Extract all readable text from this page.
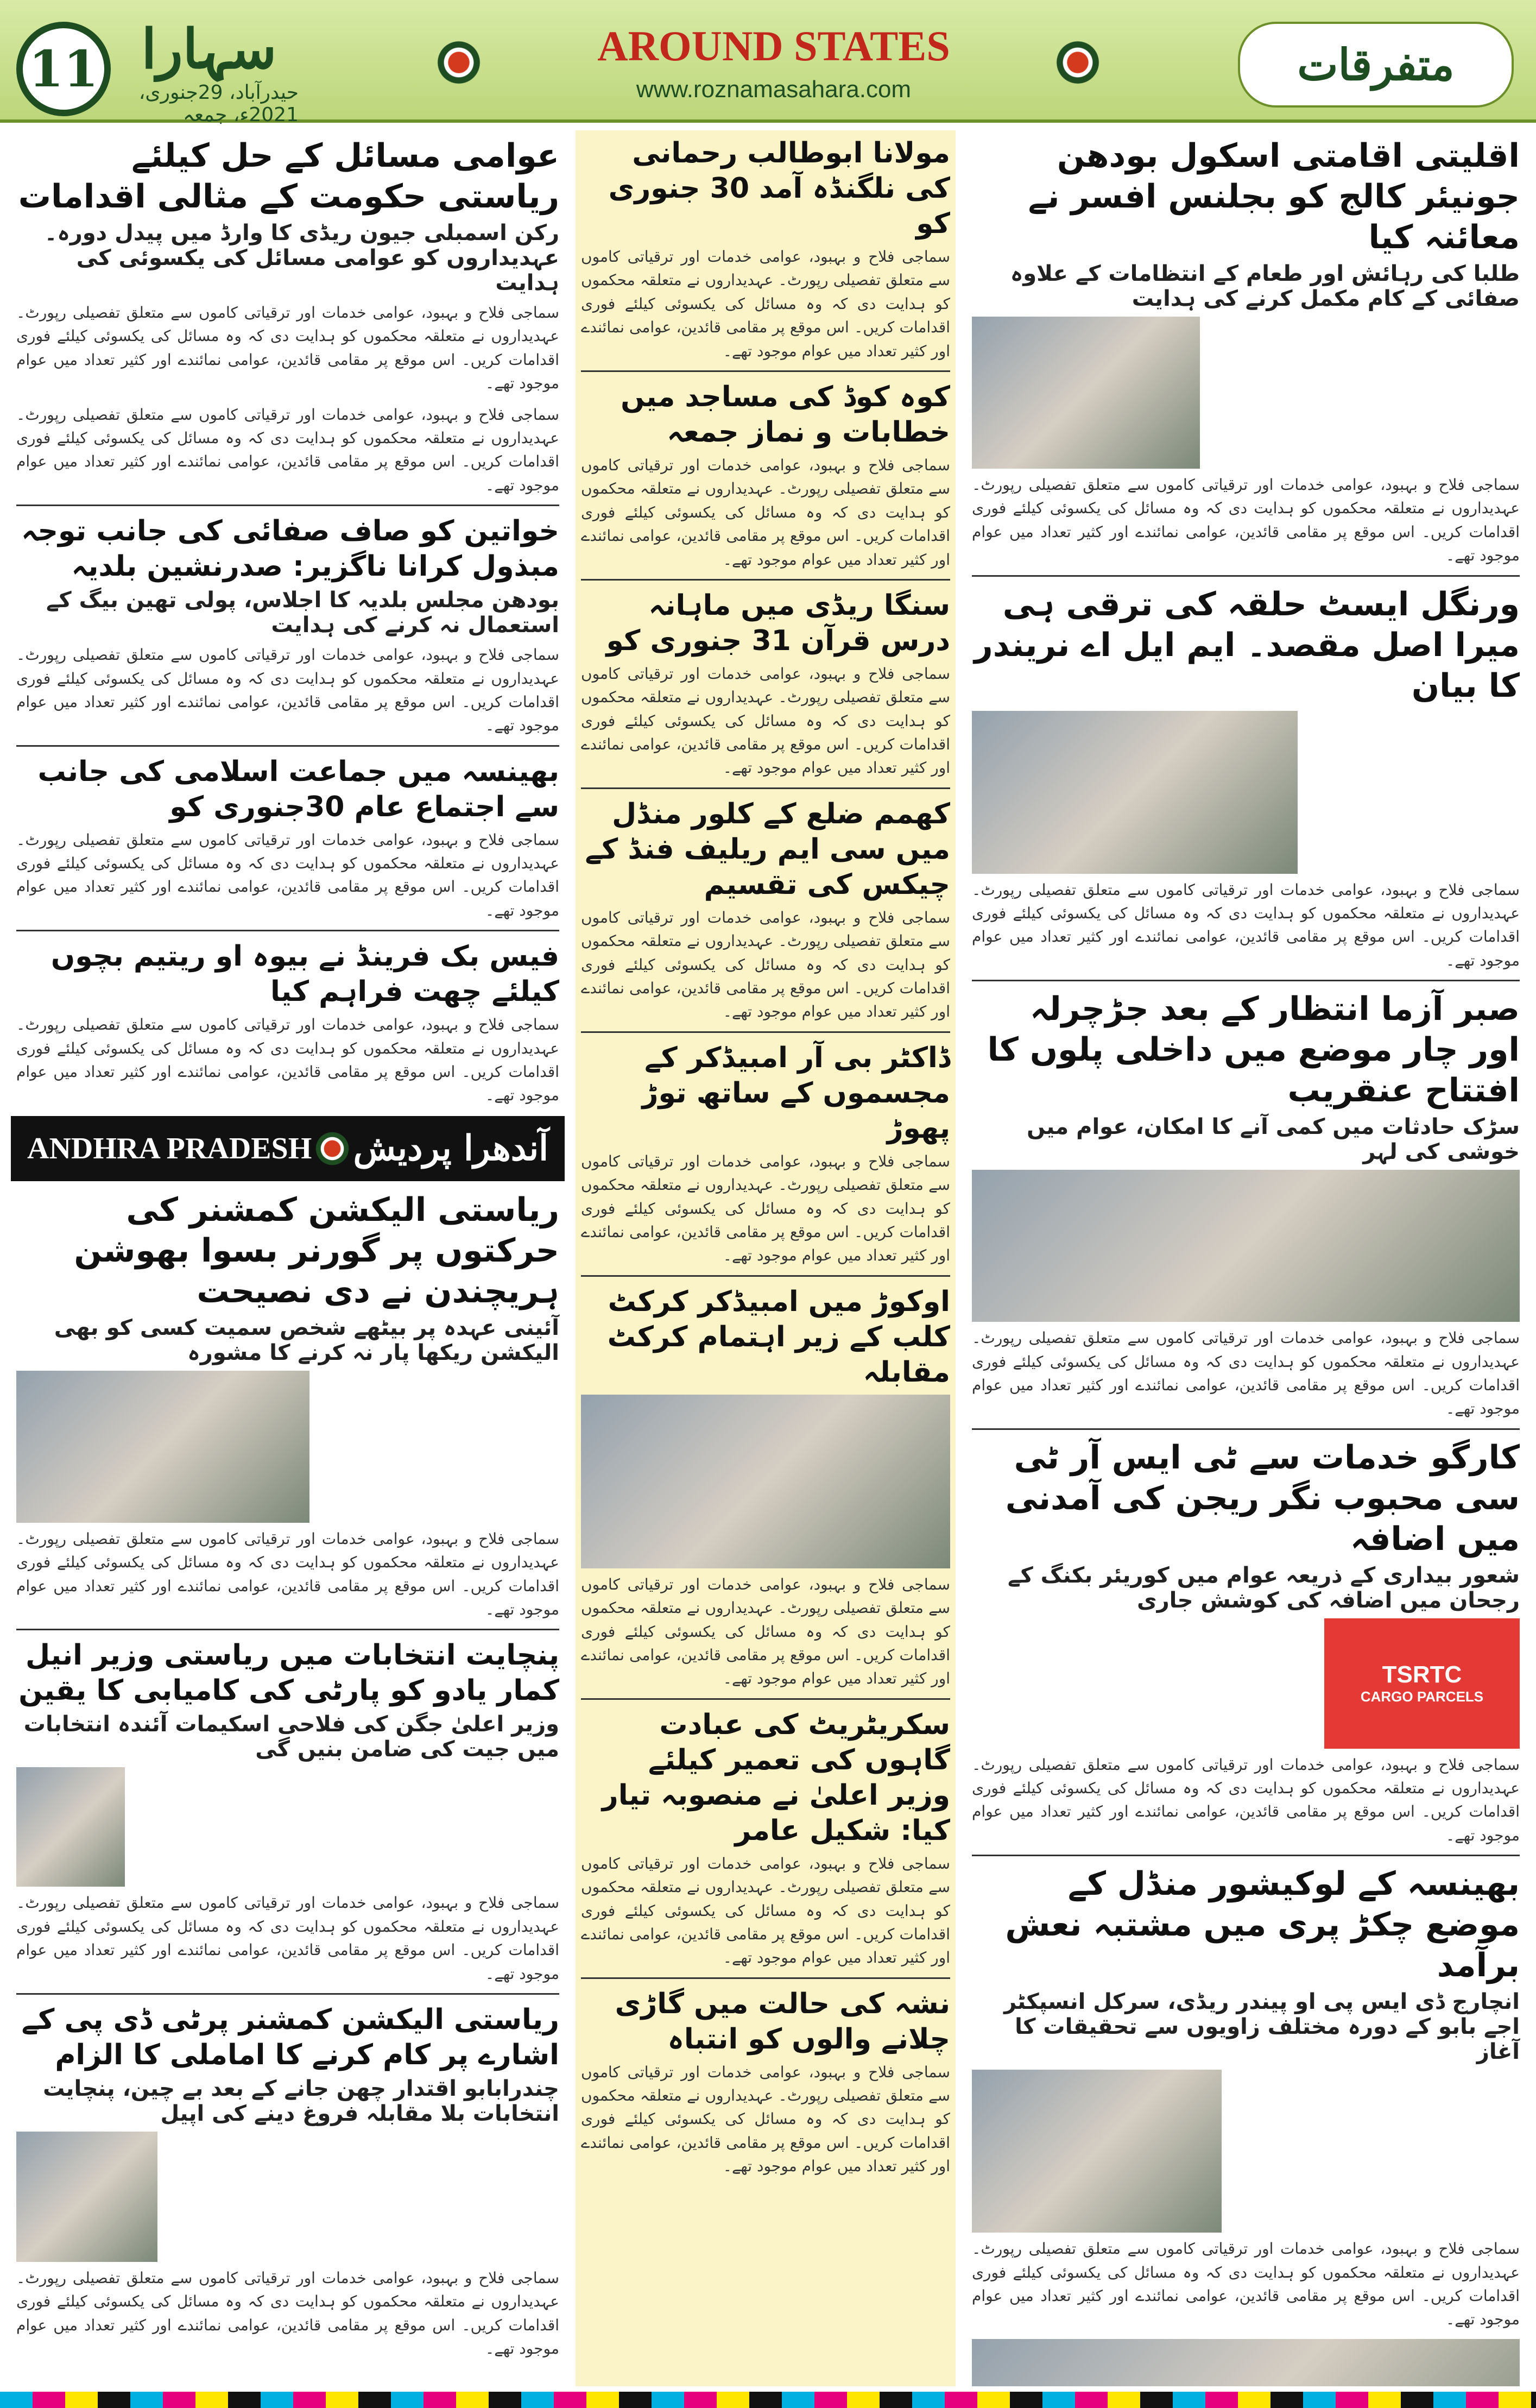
11 سہارا
حیدرآباد، 29جنوری، 2021ء، جمعہ
AROUND STATES
www.roznamasahara.com	متفرقات
عوامی مسائل کے حل کیلئے ریاستی حکومت کے مثالی اقدامات
رکن اسمبلی جیون ریڈی کا وارڈ میں پیدل دورہ۔ عہدیداروں کو عوامی مسائل کی یکسوئی کی ہدایت
سماجی فلاح و بہبود، عوامی خدمات اور ترقیاتی کاموں سے متعلق تفصیلی رپورٹ۔ عہدیداروں نے متعلقہ محکموں کو ہدایت دی کہ وہ مسائل کی یکسوئی کیلئے فوری اقدامات کریں۔ اس موقع پر مقامی قائدین، عوامی نمائندے اور کثیر تعداد میں عوام موجود تھے۔
سماجی فلاح و بہبود، عوامی خدمات اور ترقیاتی کاموں سے متعلق تفصیلی رپورٹ۔ عہدیداروں نے متعلقہ محکموں کو ہدایت دی کہ وہ مسائل کی یکسوئی کیلئے فوری اقدامات کریں۔ اس موقع پر مقامی قائدین، عوامی نمائندے اور کثیر تعداد میں عوام موجود تھے۔
خواتین کو صاف صفائی کی جانب توجہ مبذول کرانا ناگزیر: صدرنشین بلدیہ
بودھن مجلس بلدیہ کا اجلاس، پولی تھین بیگ کے استعمال نہ کرنے کی ہدایت
سماجی فلاح و بہبود، عوامی خدمات اور ترقیاتی کاموں سے متعلق تفصیلی رپورٹ۔ عہدیداروں نے متعلقہ محکموں کو ہدایت دی کہ وہ مسائل کی یکسوئی کیلئے فوری اقدامات کریں۔ اس موقع پر مقامی قائدین، عوامی نمائندے اور کثیر تعداد میں عوام موجود تھے۔
بھینسہ میں جماعت اسلامی کی جانب سے اجتماع عام 30جنوری کو
سماجی فلاح و بہبود، عوامی خدمات اور ترقیاتی کاموں سے متعلق تفصیلی رپورٹ۔ عہدیداروں نے متعلقہ محکموں کو ہدایت دی کہ وہ مسائل کی یکسوئی کیلئے فوری اقدامات کریں۔ اس موقع پر مقامی قائدین، عوامی نمائندے اور کثیر تعداد میں عوام موجود تھے۔
فیس بک فرینڈ نے بیوہ او ریتیم بچوں کیلئے چھت فراہم کیا
سماجی فلاح و بہبود، عوامی خدمات اور ترقیاتی کاموں سے متعلق تفصیلی رپورٹ۔ عہدیداروں نے متعلقہ محکموں کو ہدایت دی کہ وہ مسائل کی یکسوئی کیلئے فوری اقدامات کریں۔ اس موقع پر مقامی قائدین، عوامی نمائندے اور کثیر تعداد میں عوام موجود تھے۔
ANDHRA PRADESH آندھرا پردیش
ریاستی الیکشن کمشنر کی حرکتوں پر گورنر بسوا بھوشن ہریچندن نے دی نصیحت
آئینی عہدہ پر بیٹھے شخص سمیت کسی کو بھی الیکشن ریکھا پار نہ کرنے کا مشورہ
سماجی فلاح و بہبود، عوامی خدمات اور ترقیاتی کاموں سے متعلق تفصیلی رپورٹ۔ عہدیداروں نے متعلقہ محکموں کو ہدایت دی کہ وہ مسائل کی یکسوئی کیلئے فوری اقدامات کریں۔ اس موقع پر مقامی قائدین، عوامی نمائندے اور کثیر تعداد میں عوام موجود تھے۔
پنچایت انتخابات میں ریاستی وزیر انیل کمار یادو کو پارٹی کی کامیابی کا یقین
وزیر اعلیٰ جگن کی فلاحی اسکیمات آئندہ انتخابات میں جیت کی ضامن بنیں گی
سماجی فلاح و بہبود، عوامی خدمات اور ترقیاتی کاموں سے متعلق تفصیلی رپورٹ۔ عہدیداروں نے متعلقہ محکموں کو ہدایت دی کہ وہ مسائل کی یکسوئی کیلئے فوری اقدامات کریں۔ اس موقع پر مقامی قائدین، عوامی نمائندے اور کثیر تعداد میں عوام موجود تھے۔
ریاستی الیکشن کمشنر پرٹی ڈی پی کے اشارے پر کام کرنے کا اماملی کا الزام
چندرابابو اقتدار چھن جانے کے بعد بے چین، پنچایت انتخابات بلا مقابلہ فروغ دینے کی اپیل
سماجی فلاح و بہبود، عوامی خدمات اور ترقیاتی کاموں سے متعلق تفصیلی رپورٹ۔ عہدیداروں نے متعلقہ محکموں کو ہدایت دی کہ وہ مسائل کی یکسوئی کیلئے فوری اقدامات کریں۔ اس موقع پر مقامی قائدین، عوامی نمائندے اور کثیر تعداد میں عوام موجود تھے۔
مولانا ابوطالب رحمانی کی نلگنڈہ آمد 30 جنوری کو
سماجی فلاح و بہبود، عوامی خدمات اور ترقیاتی کاموں سے متعلق تفصیلی رپورٹ۔ عہدیداروں نے متعلقہ محکموں کو ہدایت دی کہ وہ مسائل کی یکسوئی کیلئے فوری اقدامات کریں۔ اس موقع پر مقامی قائدین، عوامی نمائندے اور کثیر تعداد میں عوام موجود تھے۔
کوہ کوڈ کی مساجد میں خطابات و نماز جمعہ
سماجی فلاح و بہبود، عوامی خدمات اور ترقیاتی کاموں سے متعلق تفصیلی رپورٹ۔ عہدیداروں نے متعلقہ محکموں کو ہدایت دی کہ وہ مسائل کی یکسوئی کیلئے فوری اقدامات کریں۔ اس موقع پر مقامی قائدین، عوامی نمائندے اور کثیر تعداد میں عوام موجود تھے۔
سنگا ریڈی میں ماہانہ درس قرآن 31 جنوری کو
سماجی فلاح و بہبود، عوامی خدمات اور ترقیاتی کاموں سے متعلق تفصیلی رپورٹ۔ عہدیداروں نے متعلقہ محکموں کو ہدایت دی کہ وہ مسائل کی یکسوئی کیلئے فوری اقدامات کریں۔ اس موقع پر مقامی قائدین، عوامی نمائندے اور کثیر تعداد میں عوام موجود تھے۔
کھمم ضلع کے کلور منڈل میں سی ایم ریلیف فنڈ کے چیکس کی تقسیم
سماجی فلاح و بہبود، عوامی خدمات اور ترقیاتی کاموں سے متعلق تفصیلی رپورٹ۔ عہدیداروں نے متعلقہ محکموں کو ہدایت دی کہ وہ مسائل کی یکسوئی کیلئے فوری اقدامات کریں۔ اس موقع پر مقامی قائدین، عوامی نمائندے اور کثیر تعداد میں عوام موجود تھے۔
ڈاکٹر بی آر امبیڈکر کے مجسموں کے ساتھ توڑ پھوڑ
سماجی فلاح و بہبود، عوامی خدمات اور ترقیاتی کاموں سے متعلق تفصیلی رپورٹ۔ عہدیداروں نے متعلقہ محکموں کو ہدایت دی کہ وہ مسائل کی یکسوئی کیلئے فوری اقدامات کریں۔ اس موقع پر مقامی قائدین، عوامی نمائندے اور کثیر تعداد میں عوام موجود تھے۔
اوکوڑ میں امبیڈکر کرکٹ کلب کے زیر اہتمام کرکٹ مقابلہ
سماجی فلاح و بہبود، عوامی خدمات اور ترقیاتی کاموں سے متعلق تفصیلی رپورٹ۔ عہدیداروں نے متعلقہ محکموں کو ہدایت دی کہ وہ مسائل کی یکسوئی کیلئے فوری اقدامات کریں۔ اس موقع پر مقامی قائدین، عوامی نمائندے اور کثیر تعداد میں عوام موجود تھے۔
سکریٹریٹ کی عبادت گاہوں کی تعمیر کیلئے وزیر اعلیٰ نے منصوبہ تیار کیا: شکیل عامر
سماجی فلاح و بہبود، عوامی خدمات اور ترقیاتی کاموں سے متعلق تفصیلی رپورٹ۔ عہدیداروں نے متعلقہ محکموں کو ہدایت دی کہ وہ مسائل کی یکسوئی کیلئے فوری اقدامات کریں۔ اس موقع پر مقامی قائدین، عوامی نمائندے اور کثیر تعداد میں عوام موجود تھے۔
نشہ کی حالت میں گاڑی چلانے والوں کو انتباہ
سماجی فلاح و بہبود، عوامی خدمات اور ترقیاتی کاموں سے متعلق تفصیلی رپورٹ۔ عہدیداروں نے متعلقہ محکموں کو ہدایت دی کہ وہ مسائل کی یکسوئی کیلئے فوری اقدامات کریں۔ اس موقع پر مقامی قائدین، عوامی نمائندے اور کثیر تعداد میں عوام موجود تھے۔
اقلیتی اقامتی اسکول بودھن جونیئر کالج کو بجلنس افسر نے معائنہ کیا
طلبا کی رہائش اور طعام کے انتظامات کے علاوہ صفائی کے کام مکمل کرنے کی ہدایت
سماجی فلاح و بہبود، عوامی خدمات اور ترقیاتی کاموں سے متعلق تفصیلی رپورٹ۔ عہدیداروں نے متعلقہ محکموں کو ہدایت دی کہ وہ مسائل کی یکسوئی کیلئے فوری اقدامات کریں۔ اس موقع پر مقامی قائدین، عوامی نمائندے اور کثیر تعداد میں عوام موجود تھے۔
ورنگل ایسٹ حلقہ کی ترقی ہی میرا اصل مقصد۔ ایم ایل اے نریندر کا بیان
سماجی فلاح و بہبود، عوامی خدمات اور ترقیاتی کاموں سے متعلق تفصیلی رپورٹ۔ عہدیداروں نے متعلقہ محکموں کو ہدایت دی کہ وہ مسائل کی یکسوئی کیلئے فوری اقدامات کریں۔ اس موقع پر مقامی قائدین، عوامی نمائندے اور کثیر تعداد میں عوام موجود تھے۔
صبر آزما انتظار کے بعد جڑچرلہ اور چار موضع میں داخلی پلوں کا افتتاح عنقریب
سڑک حادثات میں کمی آنے کا امکان، عوام میں خوشی کی لہر
سماجی فلاح و بہبود، عوامی خدمات اور ترقیاتی کاموں سے متعلق تفصیلی رپورٹ۔ عہدیداروں نے متعلقہ محکموں کو ہدایت دی کہ وہ مسائل کی یکسوئی کیلئے فوری اقدامات کریں۔ اس موقع پر مقامی قائدین، عوامی نمائندے اور کثیر تعداد میں عوام موجود تھے۔
کارگو خدمات سے ٹی ایس آر ٹی سی محبوب نگر ریجن کی آمدنی میں اضافہ
شعور بیداری کے ذریعہ عوام میں کوریئر بکنگ کے رجحان میں اضافہ کی کوشش جاری
TSRTC
CARGO PARCELS
سماجی فلاح و بہبود، عوامی خدمات اور ترقیاتی کاموں سے متعلق تفصیلی رپورٹ۔ عہدیداروں نے متعلقہ محکموں کو ہدایت دی کہ وہ مسائل کی یکسوئی کیلئے فوری اقدامات کریں۔ اس موقع پر مقامی قائدین، عوامی نمائندے اور کثیر تعداد میں عوام موجود تھے۔
بھینسہ کے لوکیشور منڈل کے موضع چکڑ پری میں مشتبہ نعش برآمد
انچارج ڈی ایس پی او پیندر ریڈی، سرکل انسپکٹر اجے بابو کے دورہ مختلف زاویوں سے تحقیقات کا آغاز
سماجی فلاح و بہبود، عوامی خدمات اور ترقیاتی کاموں سے متعلق تفصیلی رپورٹ۔ عہدیداروں نے متعلقہ محکموں کو ہدایت دی کہ وہ مسائل کی یکسوئی کیلئے فوری اقدامات کریں۔ اس موقع پر مقامی قائدین، عوامی نمائندے اور کثیر تعداد میں عوام موجود تھے۔
